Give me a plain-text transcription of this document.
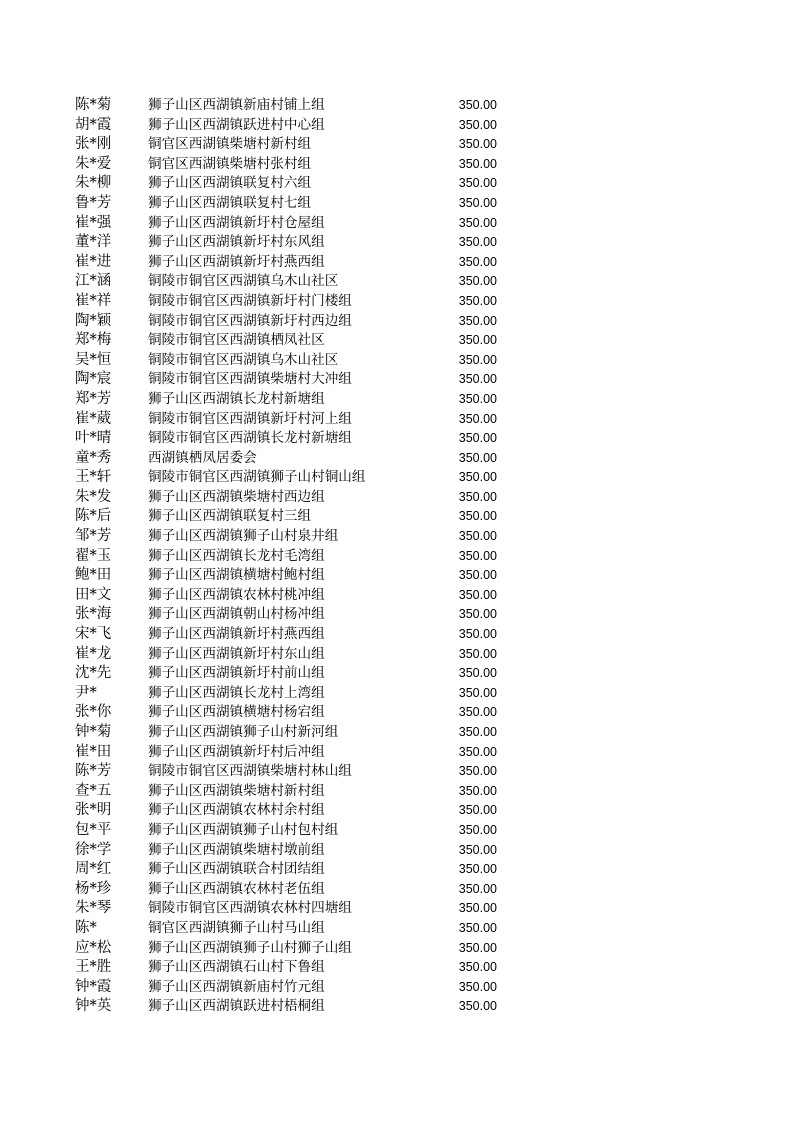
陈*菊	狮子山区西湖镇新庙村铺上组	350.00
胡*霞	狮子山区西湖镇跃进村中心组	350.00
张*刚	铜官区西湖镇柴塘村新村组	350.00
朱*爱	铜官区西湖镇柴塘村张村组	350.00
朱*柳	狮子山区西湖镇联复村六组	350.00
鲁*芳	狮子山区西湖镇联复村七组	350.00
崔*强	狮子山区西湖镇新圩村仓屋组	350.00
董*洋	狮子山区西湖镇新圩村东风组	350.00
崔*进	狮子山区西湖镇新圩村燕西组	350.00
江*涵	铜陵市铜官区西湖镇乌木山社区	350.00
崔*祥	铜陵市铜官区西湖镇新圩村门楼组	350.00
陶*颖	铜陵市铜官区西湖镇新圩村西边组	350.00
郑*梅	铜陵市铜官区西湖镇栖凤社区	350.00
吴*恒	铜陵市铜官区西湖镇乌木山社区	350.00
陶*宸	铜陵市铜官区西湖镇柴塘村大冲组	350.00
郑*芳	狮子山区西湖镇长龙村新塘组	350.00
崔*葳	铜陵市铜官区西湖镇新圩村河上组	350.00
叶*晴	铜陵市铜官区西湖镇长龙村新塘组	350.00
童*秀	西湖镇栖凤居委会	350.00
王*轩	铜陵市铜官区西湖镇狮子山村铜山组	350.00
朱*发	狮子山区西湖镇柴塘村西边组	350.00
陈*后	狮子山区西湖镇联复村三组	350.00
邹*芳	狮子山区西湖镇狮子山村泉井组	350.00
翟*玉	狮子山区西湖镇长龙村毛湾组	350.00
鲍*田	狮子山区西湖镇横塘村鲍村组	350.00
田*文	狮子山区西湖镇农林村桃冲组	350.00
张*海	狮子山区西湖镇朝山村杨冲组	350.00
宋*飞	狮子山区西湖镇新圩村燕西组	350.00
崔*龙	狮子山区西湖镇新圩村东山组	350.00
沈*先	狮子山区西湖镇新圩村前山组	350.00
尹*	狮子山区西湖镇长龙村上湾组	350.00
张*你	狮子山区西湖镇横塘村杨宕组	350.00
钟*菊	狮子山区西湖镇狮子山村新河组	350.00
崔*田	狮子山区西湖镇新圩村后冲组	350.00
陈*芳	铜陵市铜官区西湖镇柴塘村林山组	350.00
查*五	狮子山区西湖镇柴塘村新村组	350.00
张*明	狮子山区西湖镇农林村余村组	350.00
包*平	狮子山区西湖镇狮子山村包村组	350.00
徐*学	狮子山区西湖镇柴塘村墩前组	350.00
周*红	狮子山区西湖镇联合村团结组	350.00
杨*珍	狮子山区西湖镇农林村老伍组	350.00
朱*琴	铜陵市铜官区西湖镇农林村四塘组	350.00
陈*	铜官区西湖镇狮子山村马山组	350.00
应*松	狮子山区西湖镇狮子山村狮子山组	350.00
王*胜	狮子山区西湖镇石山村下鲁组	350.00
钟*霞	狮子山区西湖镇新庙村竹元组	350.00
钟*英	狮子山区西湖镇跃进村梧桐组	350.00
